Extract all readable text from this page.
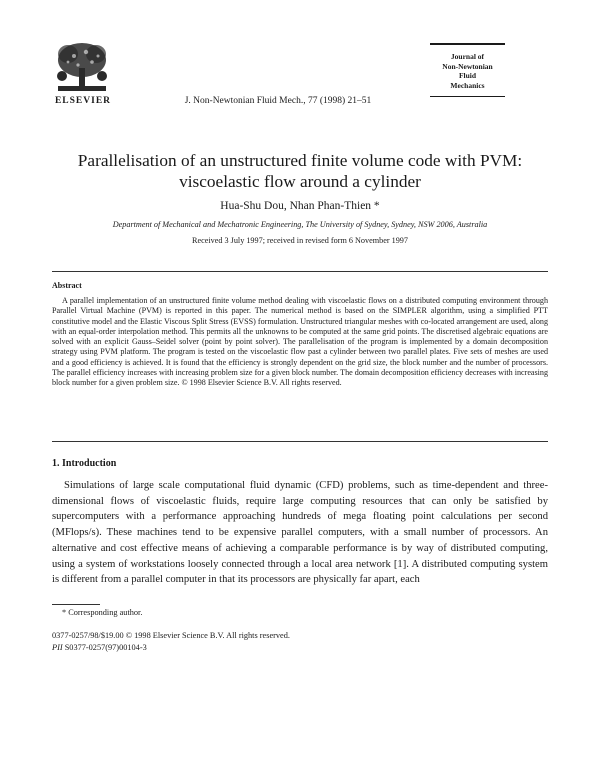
ELSEVIER	J. Non-Newtonian Fluid Mech., 77 (1998) 21–51
Journal of
Non-Newtonian
Fluid
Mechanics
Parallelisation of an unstructured finite volume code with PVM:
viscoelastic flow around a cylinder
Hua-Shu Dou, Nhan Phan-Thien *
Department of Mechanical and Mechatronic Engineering, The University of Sydney, Sydney, NSW 2006, Australia
Received 3 July 1997; received in revised form 6 November 1997
Abstract
A parallel implementation of an unstructured finite volume method dealing with viscoelastic flows on a distributed computing environment through Parallel Virtual Machine (PVM) is reported in this paper. The numerical method is based on the SIMPLER algorithm, using a simplified PTT constitutive model and the Elastic Viscous Split Stress (EVSS) formulation. Unstructured triangular meshes with co-located arrangement are used, along with an equal-order interpolation method. This permits all the unknowns to be computed at the same grid points. The discretised algebraic equations are solved with an explicit Gauss–Seidel solver (point by point solver). The parallelisation of the program is implemented by a domain decomposition strategy using PVM platform. The program is tested on the viscoelastic flow past a cylinder between two parallel plates. Five sets of meshes are used and a good efficiency is achieved. It is found that the efficiency is strongly dependent on the grid size, the block number and the number of processors. The parallel efficiency increases with increasing problem size for a given block number. The domain decomposition efficiency decreases with increasing block number for a given problem size. © 1998 Elsevier Science B.V. All rights reserved.
1. Introduction
Simulations of large scale computational fluid dynamic (CFD) problems, such as time-dependent and three-dimensional flows of viscoelastic fluids, require large computing resources that can only be satisfied by supercomputers with a performance approaching hundreds of mega floating point calculations per second (MFlops/s). These machines tend to be expensive parallel computers, with a small number of processors. An alternative and cost effective means of achieving a comparable performance is by way of distributed computing, using a system of workstations loosely connected through a local area network [1]. A distributed computing system is different from a parallel computer in that its processors are physically far apart, each
* Corresponding author.
0377-0257/98/$19.00 © 1998 Elsevier Science B.V. All rights reserved.
PII S0377-0257(97)00104-3
